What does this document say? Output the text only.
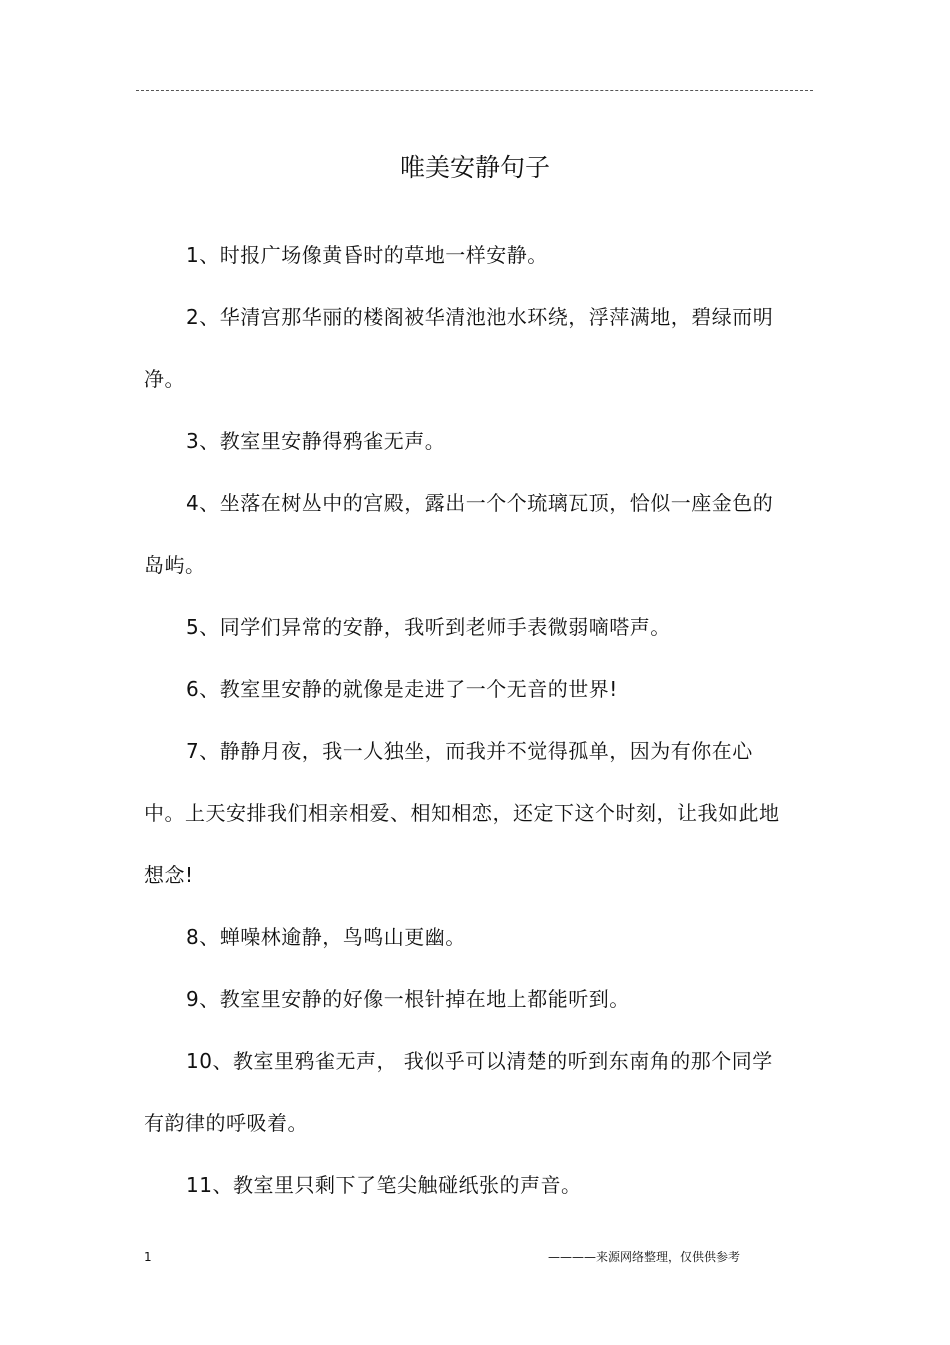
唯美安静句子

1、时报广场像黄昏时的草地一样安静。

2、华清宫那华丽的楼阁被华清池池水环绕，浮萍满地，碧绿而明净。

3、教室里安静得鸦雀无声。

4、坐落在树丛中的宫殿，露出一个个琉璃瓦顶，恰似一座金色的岛屿。

5、同学们异常的安静，我听到老师手表微弱嘀嗒声。

6、教室里安静的就像是走进了一个无音的世界!

7、静静月夜，我一人独坐，而我并不觉得孤单，因为有你在心中。上天安排我们相亲相爱、相知相恋，还定下这个时刻，让我如此地想念!

8、蝉噪林逾静，鸟鸣山更幽。

9、教室里安静的好像一根针掉在地上都能听到。

10、教室里鸦雀无声， 我似乎可以清楚的听到东南角的那个同学有韵律的呼吸着。

11、教室里只剩下了笔尖触碰纸张的声音。

1	————来源网络整理，仅供供参考
